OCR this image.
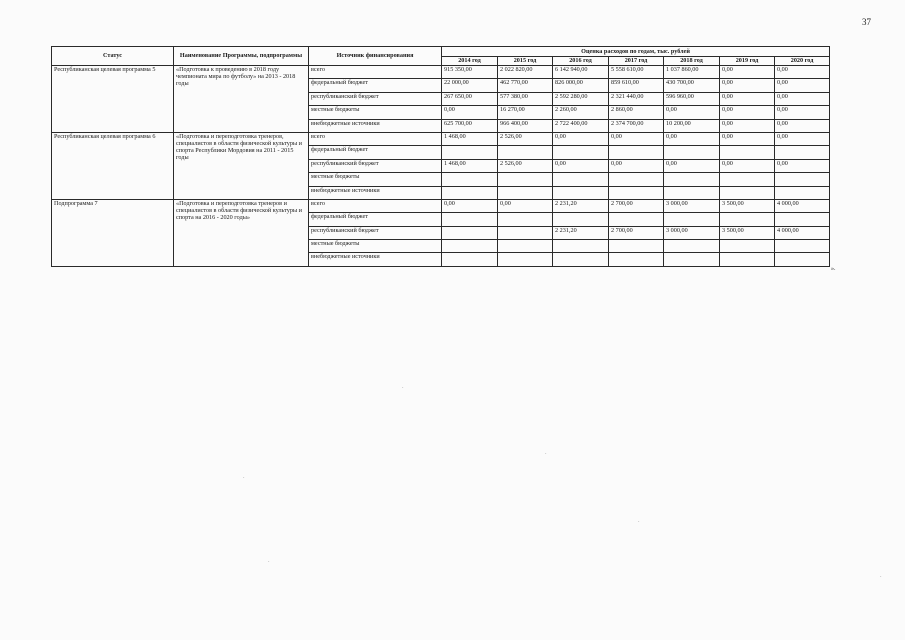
37
Статус	Наименование Программы, подпрограммы	Источник финансирования	Оценка расходов по годам, тыс. рублей						
			2014 год	2015 год	2016 год	2017 год	2018 год	2019 год	2020 год
Республиканская целевая программа 5	«Подготовка к проведению в 2018 году чемпионата мира по футболу» на 2013 - 2018 годы	всего	915 350,00	2 022 820,00	6 142 940,00	5 558 610,00	1 037 860,00	0,00	0,00
		федеральный бюджет	22 000,00	462 770,00	826 000,00	859 610,00	430 700,00	0,00	0,00
		республиканский бюджет	267 650,00	577 380,00	2 592 280,00	2 321 440,00	596 960,00	0,00	0,00
		местные бюджеты	0,00	16 270,00	2 260,00	2 860,00	0,00	0,00	0,00
		внебюджетные источники	625 700,00	966 400,00	2 722 400,00	2 374 700,00	10 200,00	0,00	0,00
Республиканская целевая программа 6	«Подготовка и переподготовка тренеров, специалистов в области физической культуры и спорта Республики Мордовия на 2011 - 2015 годы	всего	1 468,00	2 526,00	0,00	0,00	0,00	0,00	0,00
		федеральный бюджет							
		республиканский бюджет	1 468,00	2 526,00	0,00	0,00	0,00	0,00	0,00
		местные бюджеты							
		внебюджетные источники							
Подпрограмма 7	«Подготовка и переподготовка тренеров и специалистов в области физической культуры и спорта на 2016 - 2020 годы»	всего	0,00	0,00	2 231,20	2 700,00	3 000,00	3 500,00	4 000,00
		федеральный бюджет							
		республиканский бюджет			2 231,20	2 700,00	3 000,00	3 500,00	4 000,00
		местные бюджеты							
		внебюджетные источники							
».
·
·
·
·
·
·
